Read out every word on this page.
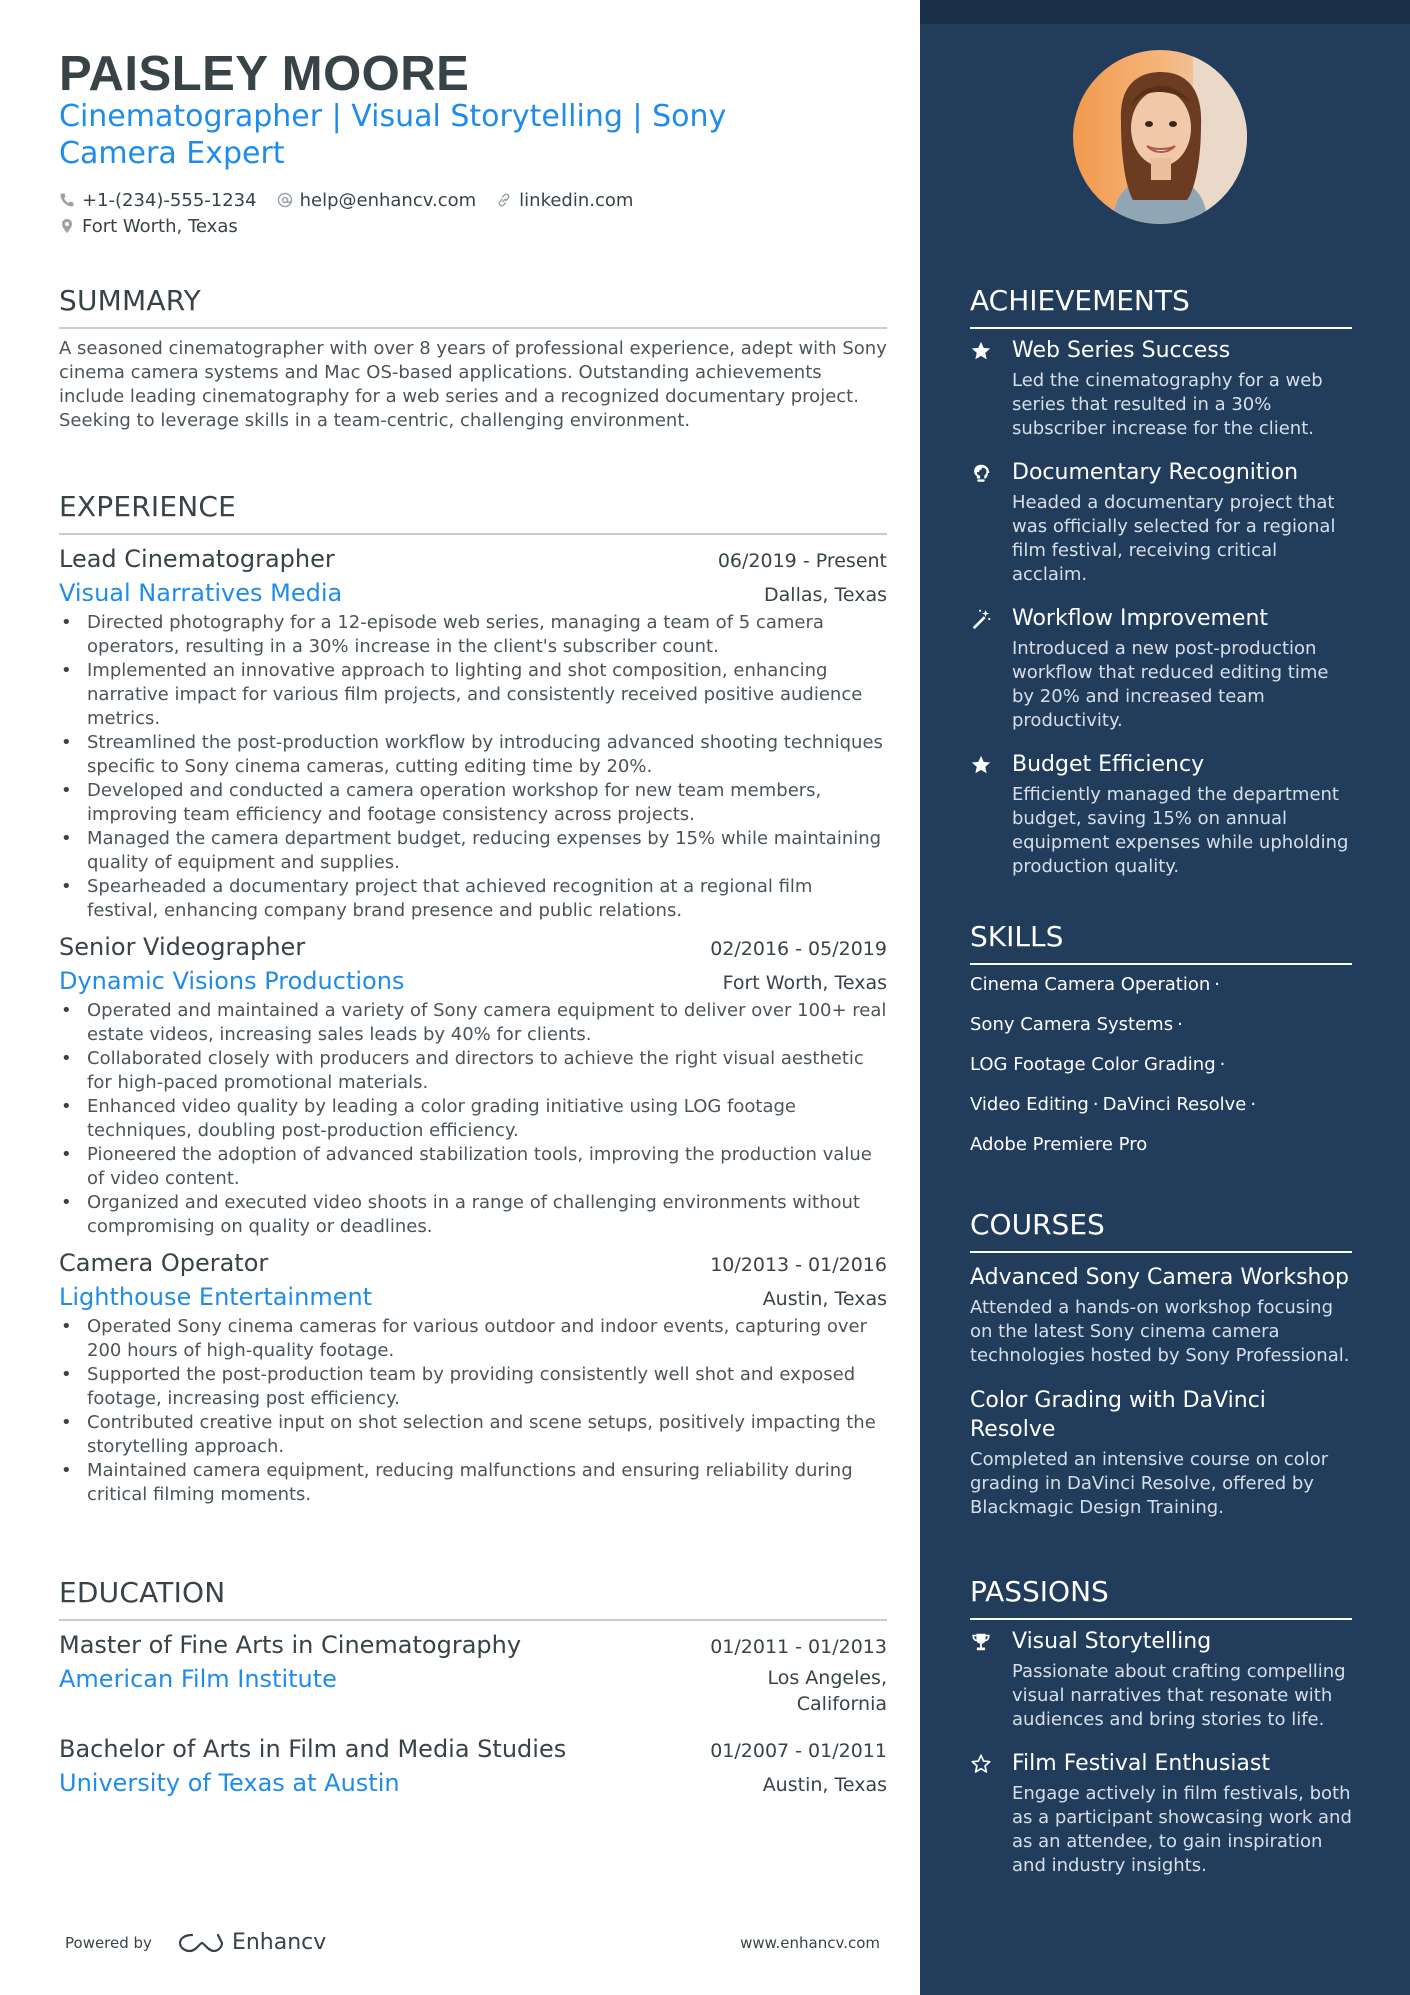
PAISLEY MOORE
Cinematographer | Visual Storytelling | Sony Camera Expert
+1-(234)-555-1234 help@enhancv.com linkedin.com
Fort Worth, Texas
SUMMARY

A seasoned cinematographer with over 8 years of professional experience, adept with Sony cinema camera systems and Mac OS-based applications. Outstanding achievements include leading cinematography for a web series and a recognized documentary project. Seeking to leverage skills in a team-centric, challenging environment.

EXPERIENCE
Lead Cinematographer	06/2019 - Present
Visual Narratives Media	Dallas, Texas
• Directed photography for a 12-episode web series, managing a team of 5 camera operators, resulting in a 30% increase in the client's subscriber count.
• Implemented an innovative approach to lighting and shot composition, enhancing narrative impact for various film projects, and consistently received positive audience metrics.
• Streamlined the post-production workflow by introducing advanced shooting techniques specific to Sony cinema cameras, cutting editing time by 20%.
• Developed and conducted a camera operation workshop for new team members, improving team efficiency and footage consistency across projects.
• Managed the camera department budget, reducing expenses by 15% while maintaining quality of equipment and supplies.
• Spearheaded a documentary project that achieved recognition at a regional film festival, enhancing company brand presence and public relations.
Senior Videographer	02/2016 - 05/2019
Dynamic Visions Productions	Fort Worth, Texas
• Operated and maintained a variety of Sony camera equipment to deliver over 100+ real estate videos, increasing sales leads by 40% for clients.
• Collaborated closely with producers and directors to achieve the right visual aesthetic for high-paced promotional materials.
• Enhanced video quality by leading a color grading initiative using LOG footage techniques, doubling post-production efficiency.
• Pioneered the adoption of advanced stabilization tools, improving the production value of video content.
• Organized and executed video shoots in a range of challenging environments without compromising on quality or deadlines.
Camera Operator	10/2013 - 01/2016
Lighthouse Entertainment	Austin, Texas
• Operated Sony cinema cameras for various outdoor and indoor events, capturing over 200 hours of high-quality footage.
• Supported the post-production team by providing consistently well shot and exposed footage, increasing post efficiency.
• Contributed creative input on shot selection and scene setups, positively impacting the storytelling approach.
• Maintained camera equipment, reducing malfunctions and ensuring reliability during critical filming moments.
EDUCATION
Master of Fine Arts in Cinematography	01/2011 - 01/2013
American Film Institute	Los Angeles,
California
Bachelor of Arts in Film and Media Studies	01/2007 - 01/2011
University of Texas at Austin	Austin, Texas
Powered by	Enhancv	www.enhancv.com
ACHIEVEMENTS
Web Series Success
Led the cinematography for a web series that resulted in a 30% subscriber increase for the client.
Documentary Recognition
Headed a documentary project that was officially selected for a regional film festival, receiving critical acclaim.
Workflow Improvement
Introduced a new post-production workflow that reduced editing time by 20% and increased team productivity.
Budget Efficiency
Efficiently managed the department budget, saving 15% on annual equipment expenses while upholding production quality.
SKILLS
Cinema Camera Operation ·
Sony Camera Systems ·
LOG Footage Color Grading ·
Video Editing · DaVinci Resolve ·
Adobe Premiere Pro
COURSES
Advanced Sony Camera Workshop
Attended a hands-on workshop focusing on the latest Sony cinema camera technologies hosted by Sony Professional.
Color Grading with DaVinci Resolve
Completed an intensive course on color grading in DaVinci Resolve, offered by Blackmagic Design Training.
PASSIONS
Visual Storytelling
Passionate about crafting compelling visual narratives that resonate with audiences and bring stories to life.
Film Festival Enthusiast
Engage actively in film festivals, both as a participant showcasing work and as an attendee, to gain inspiration and industry insights.
